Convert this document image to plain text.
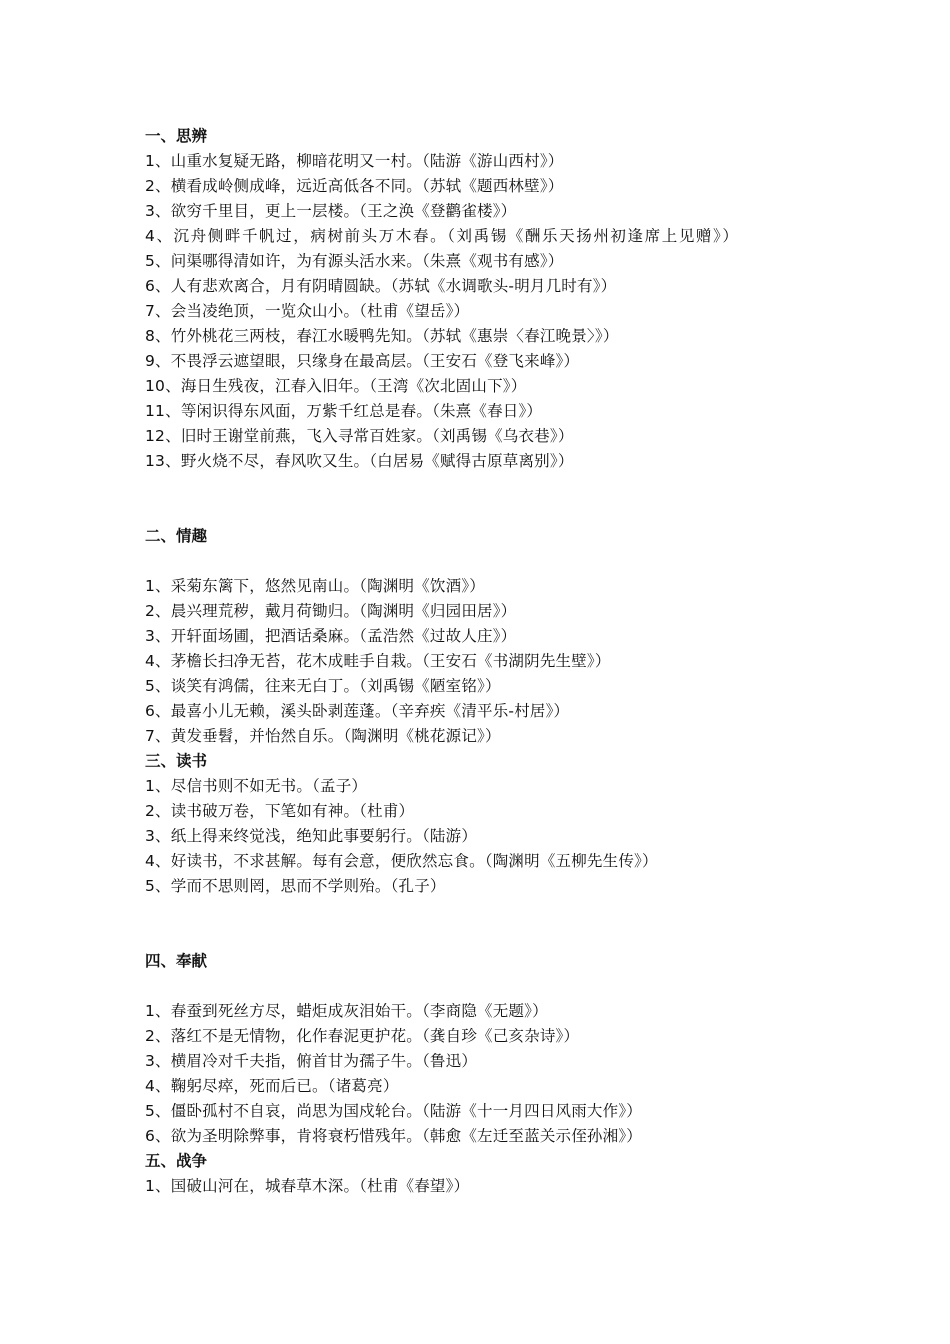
一、思辨
1、山重水复疑无路，柳暗花明又一村。（陆游《游山西村》）
2、横看成岭侧成峰，远近高低各不同。（苏轼《题西林壁》）
3、欲穷千里目，更上一层楼。（王之涣《登鹳雀楼》）
4、沉舟侧畔千帆过，病树前头万木春。（刘禹锡《酬乐天扬州初逢席上见赠》）
5、问渠哪得清如许，为有源头活水来。（朱熹《观书有感》）
6、人有悲欢离合，月有阴晴圆缺。（苏轼《水调歌头-明月几时有》）
7、会当凌绝顶，一览众山小。（杜甫《望岳》）
8、竹外桃花三两枝，春江水暖鸭先知。（苏轼《惠崇〈春江晚景〉》）
9、不畏浮云遮望眼，只缘身在最高层。（王安石《登飞来峰》）
10、海日生残夜，江春入旧年。（王湾《次北固山下》）
11、等闲识得东风面，万紫千红总是春。（朱熹《春日》）
12、旧时王谢堂前燕，飞入寻常百姓家。（刘禹锡《乌衣巷》）
13、野火烧不尽，春风吹又生。（白居易《赋得古原草离别》）
二、情趣
1、采菊东篱下，悠然见南山。（陶渊明《饮酒》）
2、晨兴理荒秽，戴月荷锄归。（陶渊明《归园田居》）
3、开轩面场圃，把酒话桑麻。（孟浩然《过故人庄》）
4、茅檐长扫净无苔，花木成畦手自栽。（王安石《书湖阴先生壁》）
5、谈笑有鸿儒，往来无白丁。（刘禹锡《陋室铭》）
6、最喜小儿无赖，溪头卧剥莲蓬。（辛弃疾《清平乐-村居》）
7、黄发垂髫，并怡然自乐。（陶渊明《桃花源记》）
三、读书
1、尽信书则不如无书。（孟子）
2、读书破万卷，下笔如有神。（杜甫）
3、纸上得来终觉浅，绝知此事要躬行。（陆游）
4、好读书，不求甚解。每有会意，便欣然忘食。（陶渊明《五柳先生传》）
5、学而不思则罔，思而不学则殆。（孔子）
四、奉献
1、春蚕到死丝方尽，蜡炬成灰泪始干。（李商隐《无题》）
2、落红不是无情物，化作春泥更护花。（龚自珍《己亥杂诗》）
3、横眉冷对千夫指，俯首甘为孺子牛。（鲁迅）
4、鞠躬尽瘁，死而后已。（诸葛亮）
5、僵卧孤村不自哀，尚思为国戍轮台。（陆游《十一月四日风雨大作》）
6、欲为圣明除弊事，肯将衰朽惜残年。（韩愈《左迁至蓝关示侄孙湘》）
五、战争
1、国破山河在，城春草木深。（杜甫《春望》）
